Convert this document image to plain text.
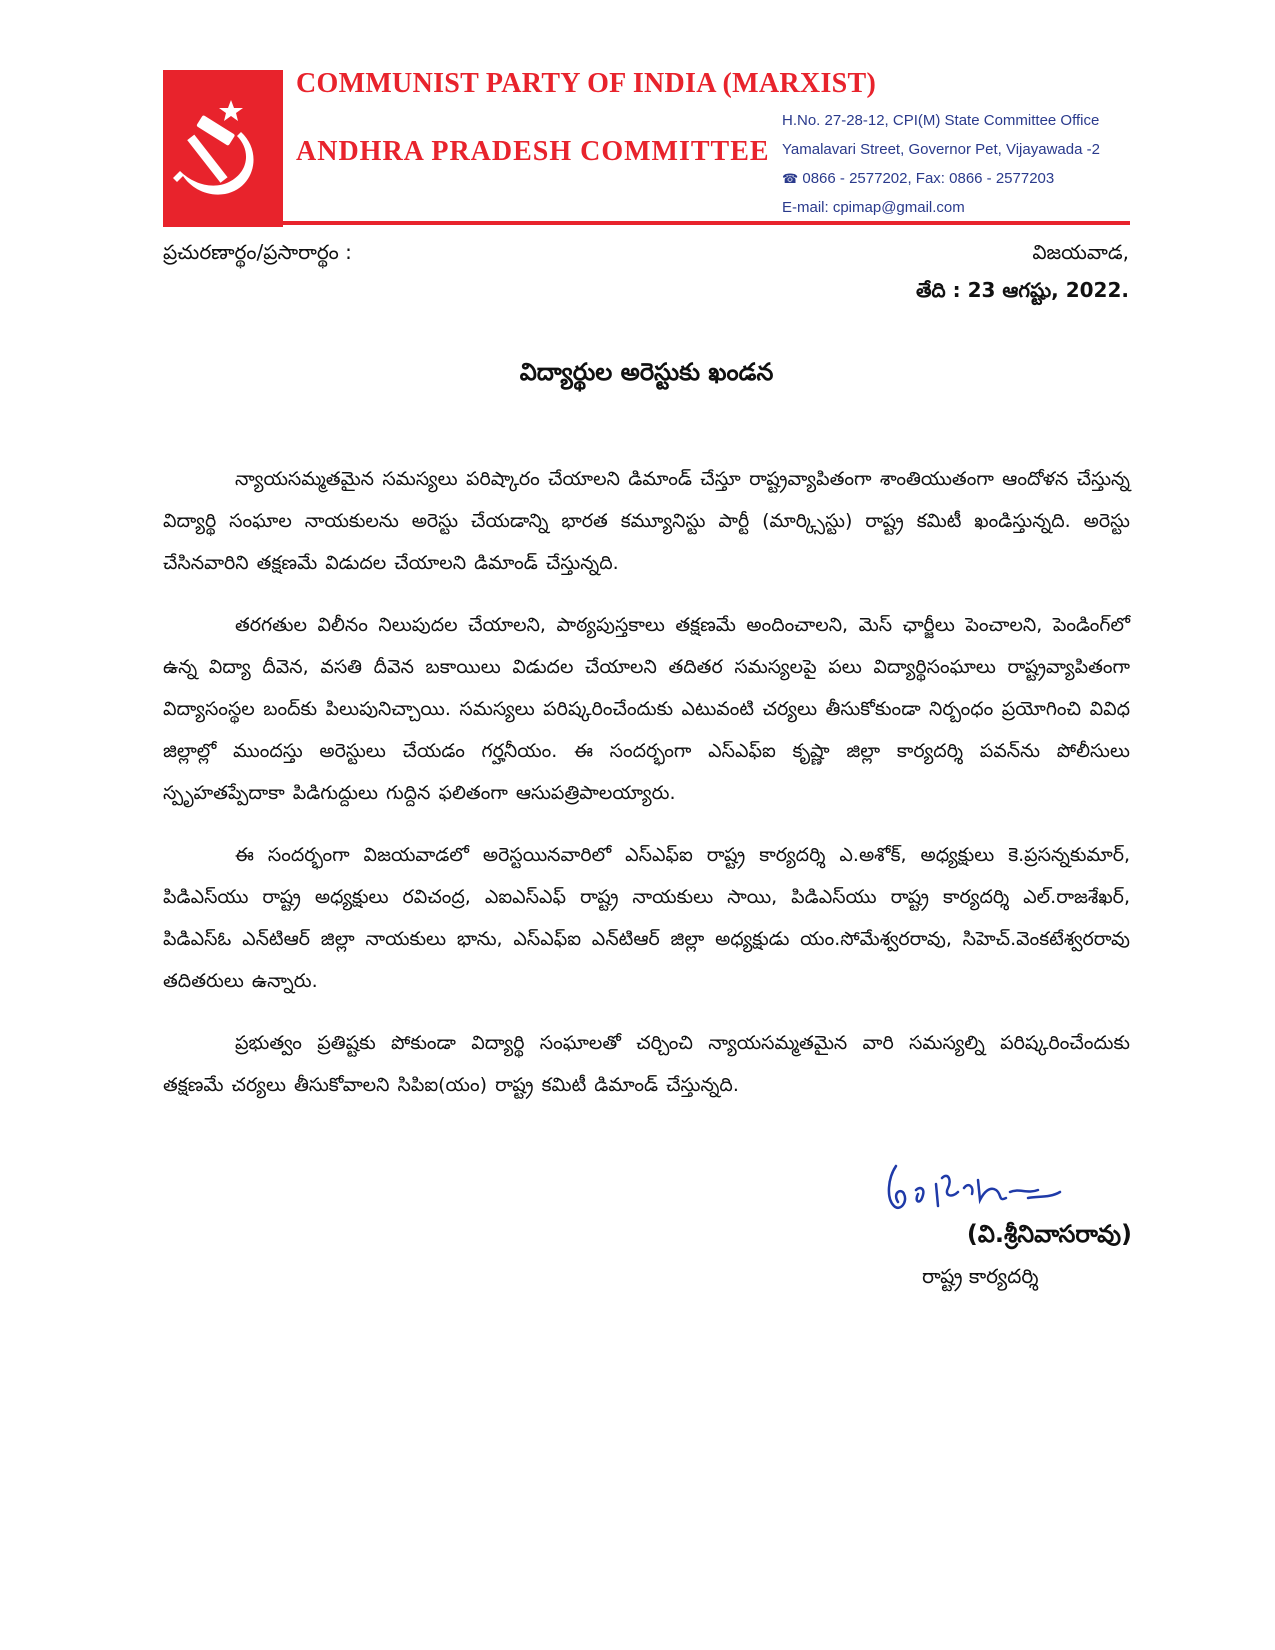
COMMUNIST PARTY OF INDIA (MARXIST)
ANDHRA PRADESH COMMITTEE
H.No. 27-28-12, CPI(M) State Committee Office
Yamalavari Street, Governor Pet, Vijayawada -2
☎ 0866 - 2577202, Fax: 0866 - 2577203
E-mail: cpimap@gmail.com
ప్రచురణార్థం/ప్రసారార్థం :	విజయవాడ,
తేది : 23 ఆగష్టు, 2022.
విద్యార్థుల అరెస్టుకు ఖండన

న్యాయసమ్మతమైన సమస్యలు పరిష్కారం చేయాలని డిమాండ్ చేస్తూ రాష్ట్రవ్యాపితంగా శాంతియుతంగా ఆందోళన చేస్తున్న విద్యార్థి సంఘాల నాయకులను అరెస్టు చేయడాన్ని భారత కమ్యూనిస్టు పార్టీ (మార్క్సిస్టు) రాష్ట్ర కమిటీ ఖండిస్తున్నది. అరెస్టు చేసినవారిని తక్షణమే విడుదల చేయాలని డిమాండ్ చేస్తున్నది.

తరగతుల విలీనం నిలుపుదల చేయాలని, పాఠ్యపుస్తకాలు తక్షణమే అందించాలని, మెస్ ఛార్జీలు పెంచాలని, పెండింగ్‌లో ఉన్న విద్యా దీవెన, వసతి దీవెన బకాయిలు విడుదల చేయాలని తదితర సమస్యలపై పలు విద్యార్థిసంఘాలు రాష్ట్రవ్యాపితంగా విద్యాసంస్థల బంద్‌కు పిలుపునిచ్చాయి. సమస్యలు పరిష్కరించేందుకు ఎటువంటి చర్యలు తీసుకోకుండా నిర్బంధం ప్రయోగించి వివిధ జిల్లాల్లో ముందస్తు అరెస్టులు చేయడం గర్హనీయం. ఈ సందర్భంగా ఎస్ఎఫ్ఐ కృష్ణా జిల్లా కార్యదర్శి పవన్‌ను పోలీసులు స్పృహతప్పేదాకా పిడిగుద్దులు గుద్దిన ఫలితంగా ఆసుపత్రిపాలయ్యారు.

ఈ సందర్భంగా విజయవాడలో అరెస్టయినవారిలో ఎస్ఎఫ్ఐ రాష్ట్ర కార్యదర్శి ఎ.అశోక్, అధ్యక్షులు కె.ప్రసన్నకుమార్, పిడిఎస్‌యు రాష్ట్ర అధ్యక్షులు రవిచంద్ర, ఎఐఎస్ఎఫ్ రాష్ట్ర నాయకులు సాయి, పిడిఎస్‌యు రాష్ట్ర కార్యదర్శి ఎల్.రాజశేఖర్, పిడిఎస్ఓ ఎన్‌టిఆర్ జిల్లా నాయకులు భాను, ఎస్ఎఫ్ఐ ఎన్‌టిఆర్ జిల్లా అధ్యక్షుడు యం.సోమేశ్వరరావు, సిహెచ్.వెంకటేశ్వరరావు తదితరులు ఉన్నారు.

ప్రభుత్వం ప్రతిష్టకు పోకుండా విద్యార్థి సంఘాలతో చర్చించి న్యాయసమ్మతమైన వారి సమస్యల్ని పరిష్కరించేందుకు తక్షణమే చర్యలు తీసుకోవాలని సిపిఐ(యం) రాష్ట్ర కమిటీ డిమాండ్ చేస్తున్నది.

(వి.శ్రీనివాసరావు)
రాష్ట్ర కార్యదర్శి
